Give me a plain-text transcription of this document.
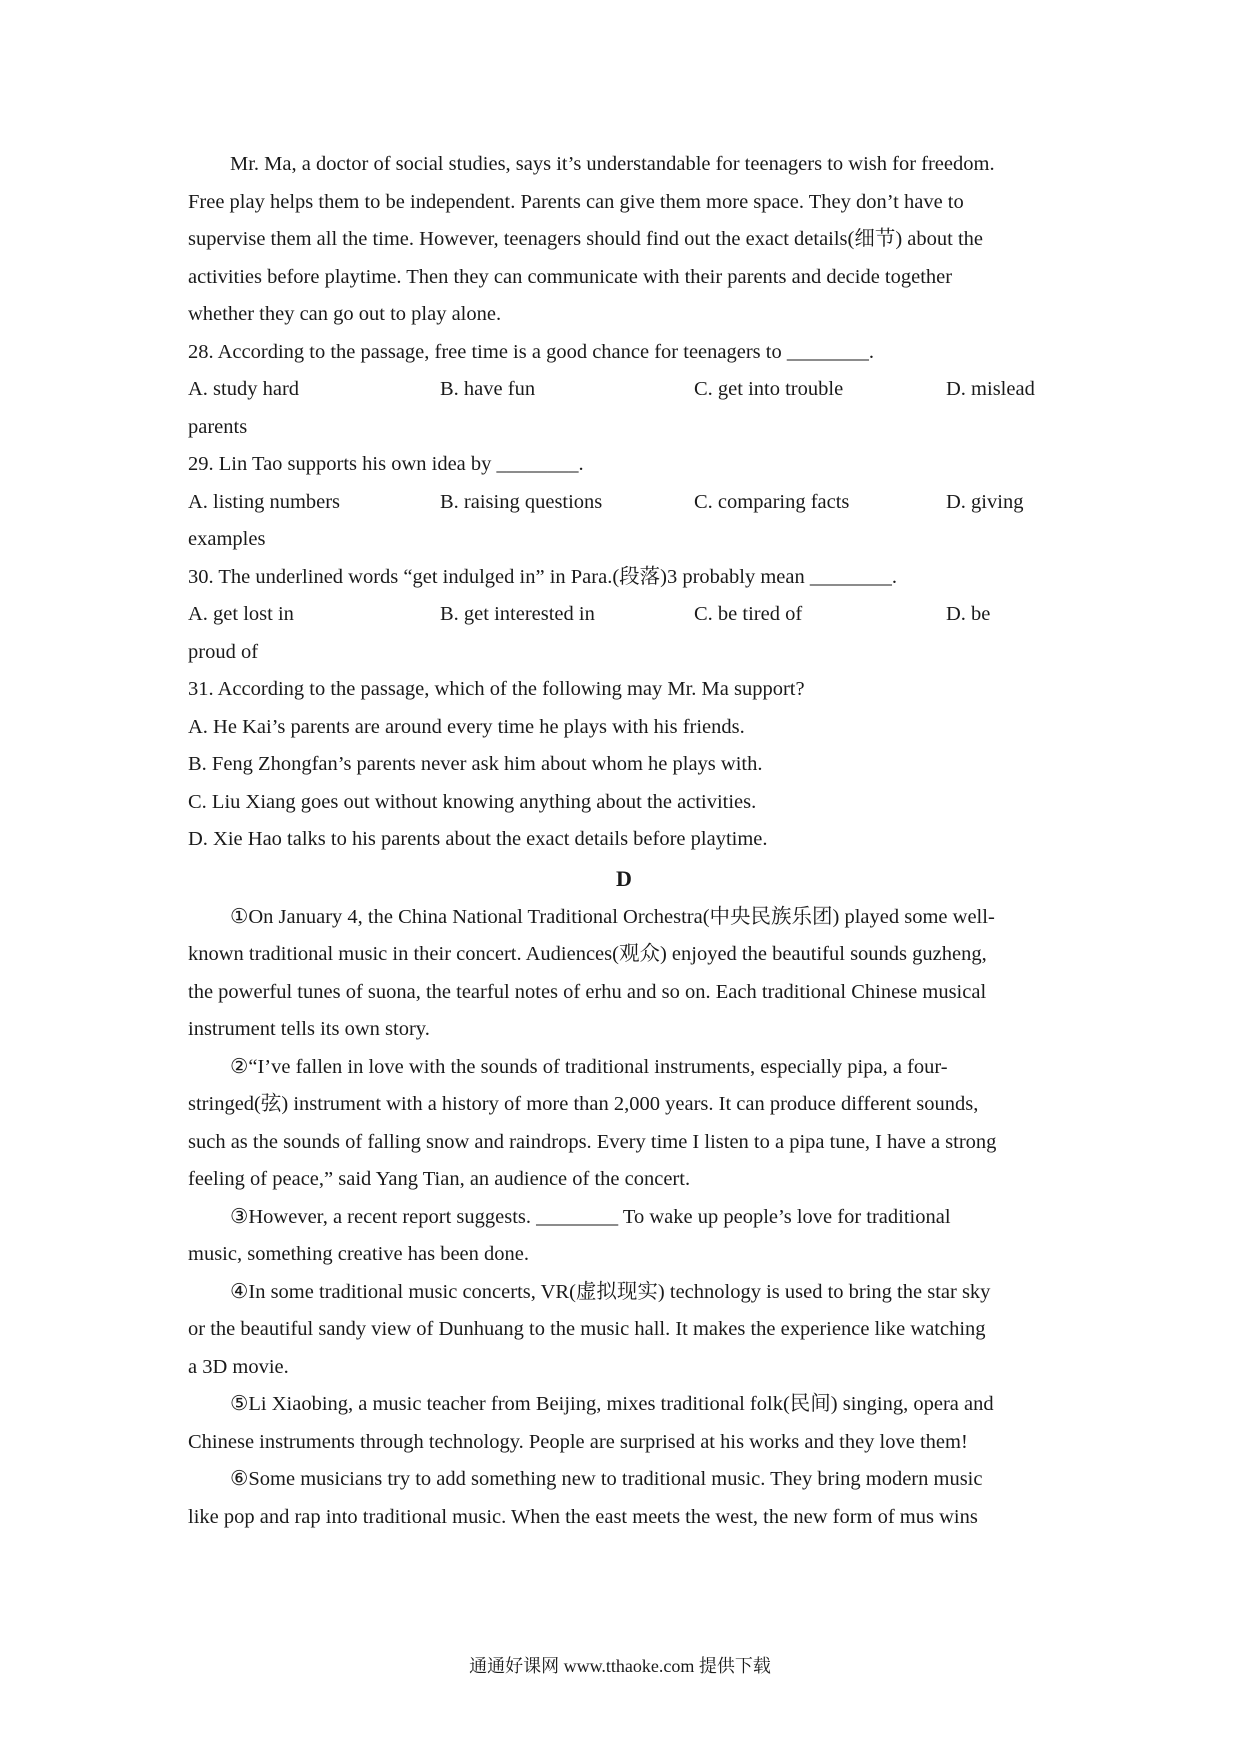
Mr. Ma, a doctor of social studies, says it’s understandable for teenagers to wish for freedom.
Free play helps them to be independent. Parents can give them more space. They don’t have to
supervise them all the time. However, teenagers should find out the exact details(细节) about the
activities before playtime. Then they can communicate with their parents and decide together
whether they can go out to play alone.
28. According to the passage, free time is a good chance for teenagers to ________.
A. study hard	B. have fun	C. get into trouble	D. mislead
parents
29. Lin Tao supports his own idea by ________.
A. listing numbers	B. raising questions	C. comparing facts	D. giving
examples
30. The underlined words “get indulged in” in Para.(段落)3 probably mean ________.
A. get lost in	B. get interested in	C. be tired of	D. be
proud of
31. According to the passage, which of the following may Mr. Ma support?
A. He Kai’s parents are around every time he plays with his friends.
B. Feng Zhongfan’s parents never ask him about whom he plays with.
C. Liu Xiang goes out without knowing anything about the activities.
D. Xie Hao talks to his parents about the exact details before playtime.
D
①On January 4, the China National Traditional Orchestra(中央民族乐团) played some well-
known traditional music in their concert. Audiences(观众) enjoyed the beautiful sounds guzheng,
the powerful tunes of suona, the tearful notes of erhu and so on. Each traditional Chinese musical
instrument tells its own story.
②“I’ve fallen in love with the sounds of traditional instruments, especially pipa, a four-
stringed(弦) instrument with a history of more than 2,000 years. It can produce different sounds,
such as the sounds of falling snow and raindrops. Every time I listen to a pipa tune, I have a strong
feeling of peace,” said Yang Tian, an audience of the concert.
③However, a recent report suggests. ________ To wake up people’s love for traditional
music, something creative has been done.
④In some traditional music concerts, VR(虚拟现实) technology is used to bring the star sky
or the beautiful sandy view of Dunhuang to the music hall. It makes the experience like watching
a 3D movie.
⑤Li Xiaobing, a music teacher from Beijing, mixes traditional folk(民间) singing, opera and
Chinese instruments through technology. People are surprised at his works and they love them!
⑥Some musicians try to add something new to traditional music. They bring modern music
like pop and rap into traditional music. When the east meets the west, the new form of mus wins
通通好课网 www.tthaoke.com 提供下载
